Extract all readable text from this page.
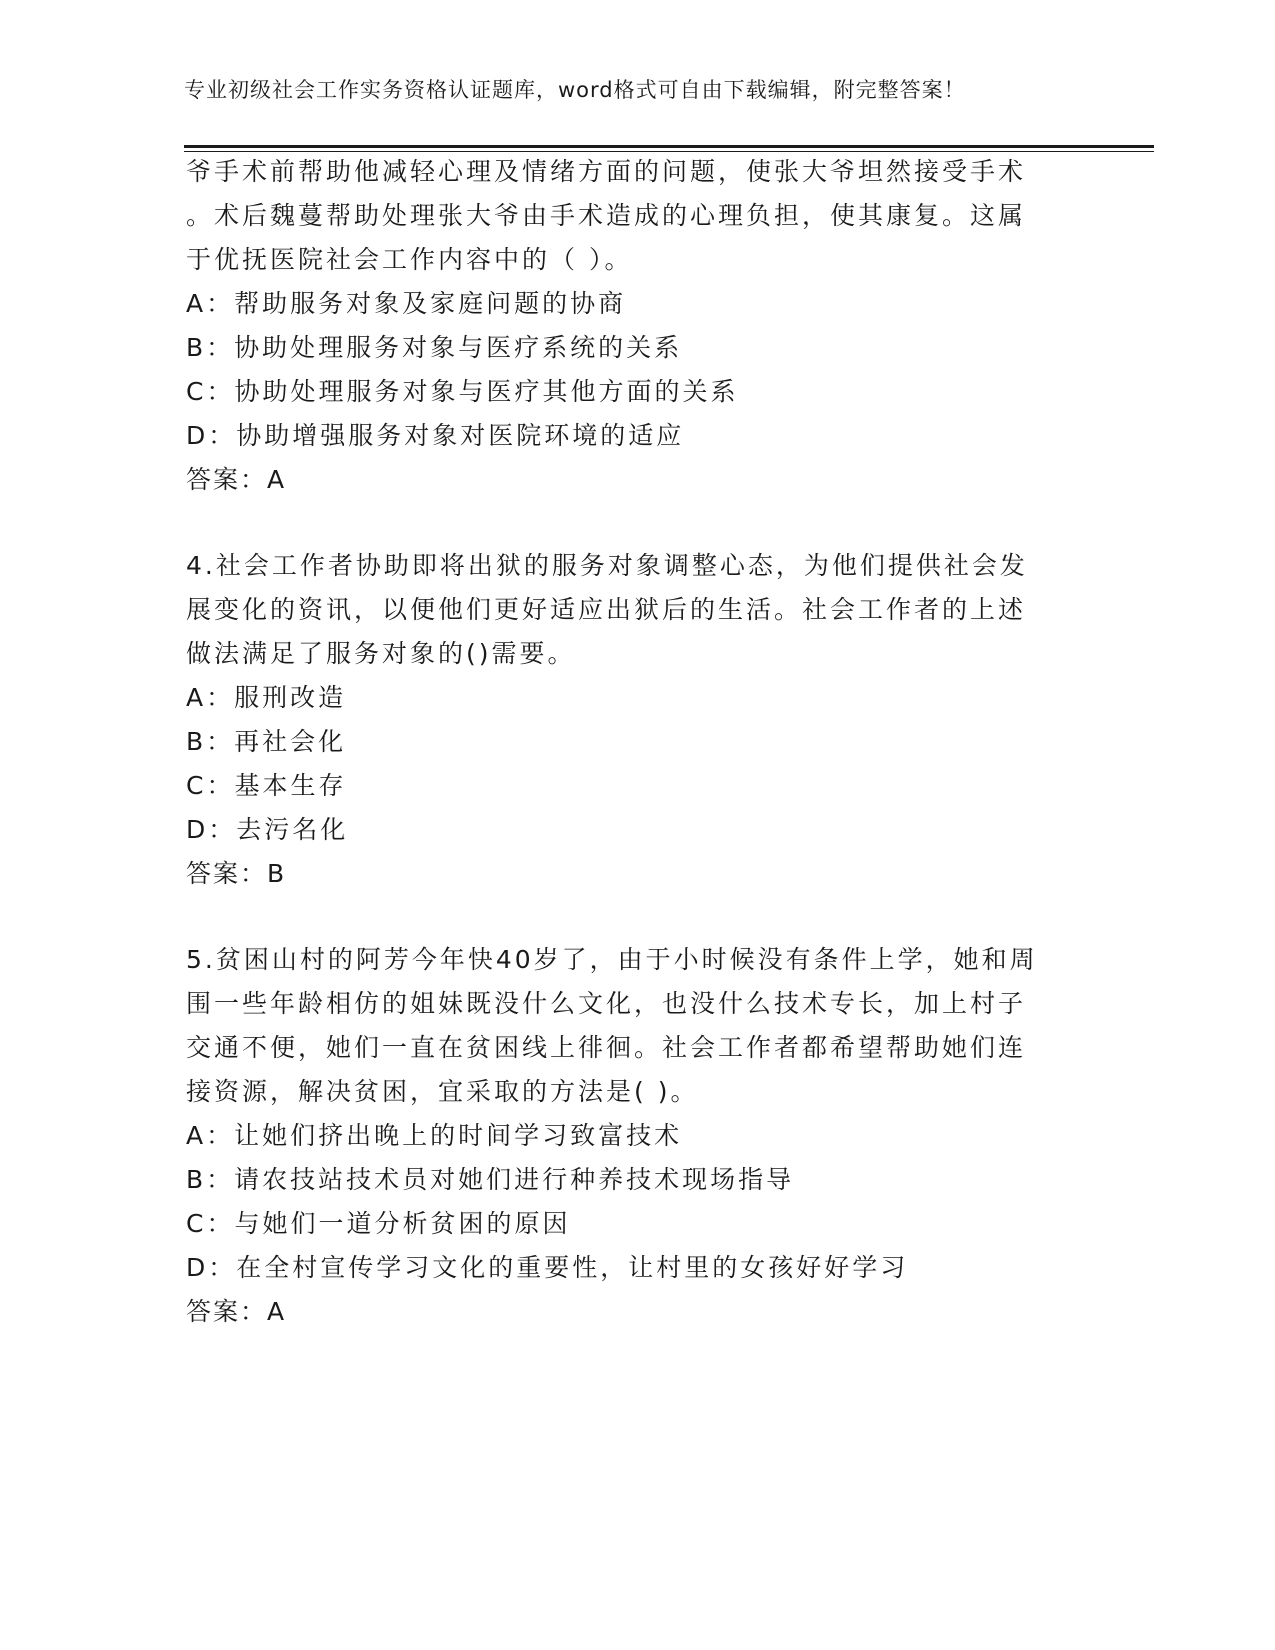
专业初级社会工作实务资格认证题库，word格式可自由下载编辑，附完整答案！
爷手术前帮助他减轻心理及情绪方面的问题，使张大爷坦然接受手术
。术后魏蔓帮助处理张大爷由手术造成的心理负担，使其康复。这属
于优抚医院社会工作内容中的（ ）。
A：帮助服务对象及家庭问题的协商
B：协助处理服务对象与医疗系统的关系
C：协助处理服务对象与医疗其他方面的关系
D：协助增强服务对象对医院环境的适应
答案：A
4.社会工作者协助即将出狱的服务对象调整心态，为他们提供社会发
展变化的资讯，以便他们更好适应出狱后的生活。社会工作者的上述
做法满足了服务对象的()需要。
A：服刑改造
B：再社会化
C：基本生存
D：去污名化
答案：B
5.贫困山村的阿芳今年快40岁了，由于小时候没有条件上学，她和周
围一些年龄相仿的姐妹既没什么文化，也没什么技术专长，加上村子
交通不便，她们一直在贫困线上徘徊。社会工作者都希望帮助她们连
接资源，解决贫困，宜采取的方法是( )。
A：让她们挤出晚上的时间学习致富技术
B：请农技站技术员对她们进行种养技术现场指导
C：与她们一道分析贫困的原因
D：在全村宣传学习文化的重要性，让村里的女孩好好学习
答案：A
